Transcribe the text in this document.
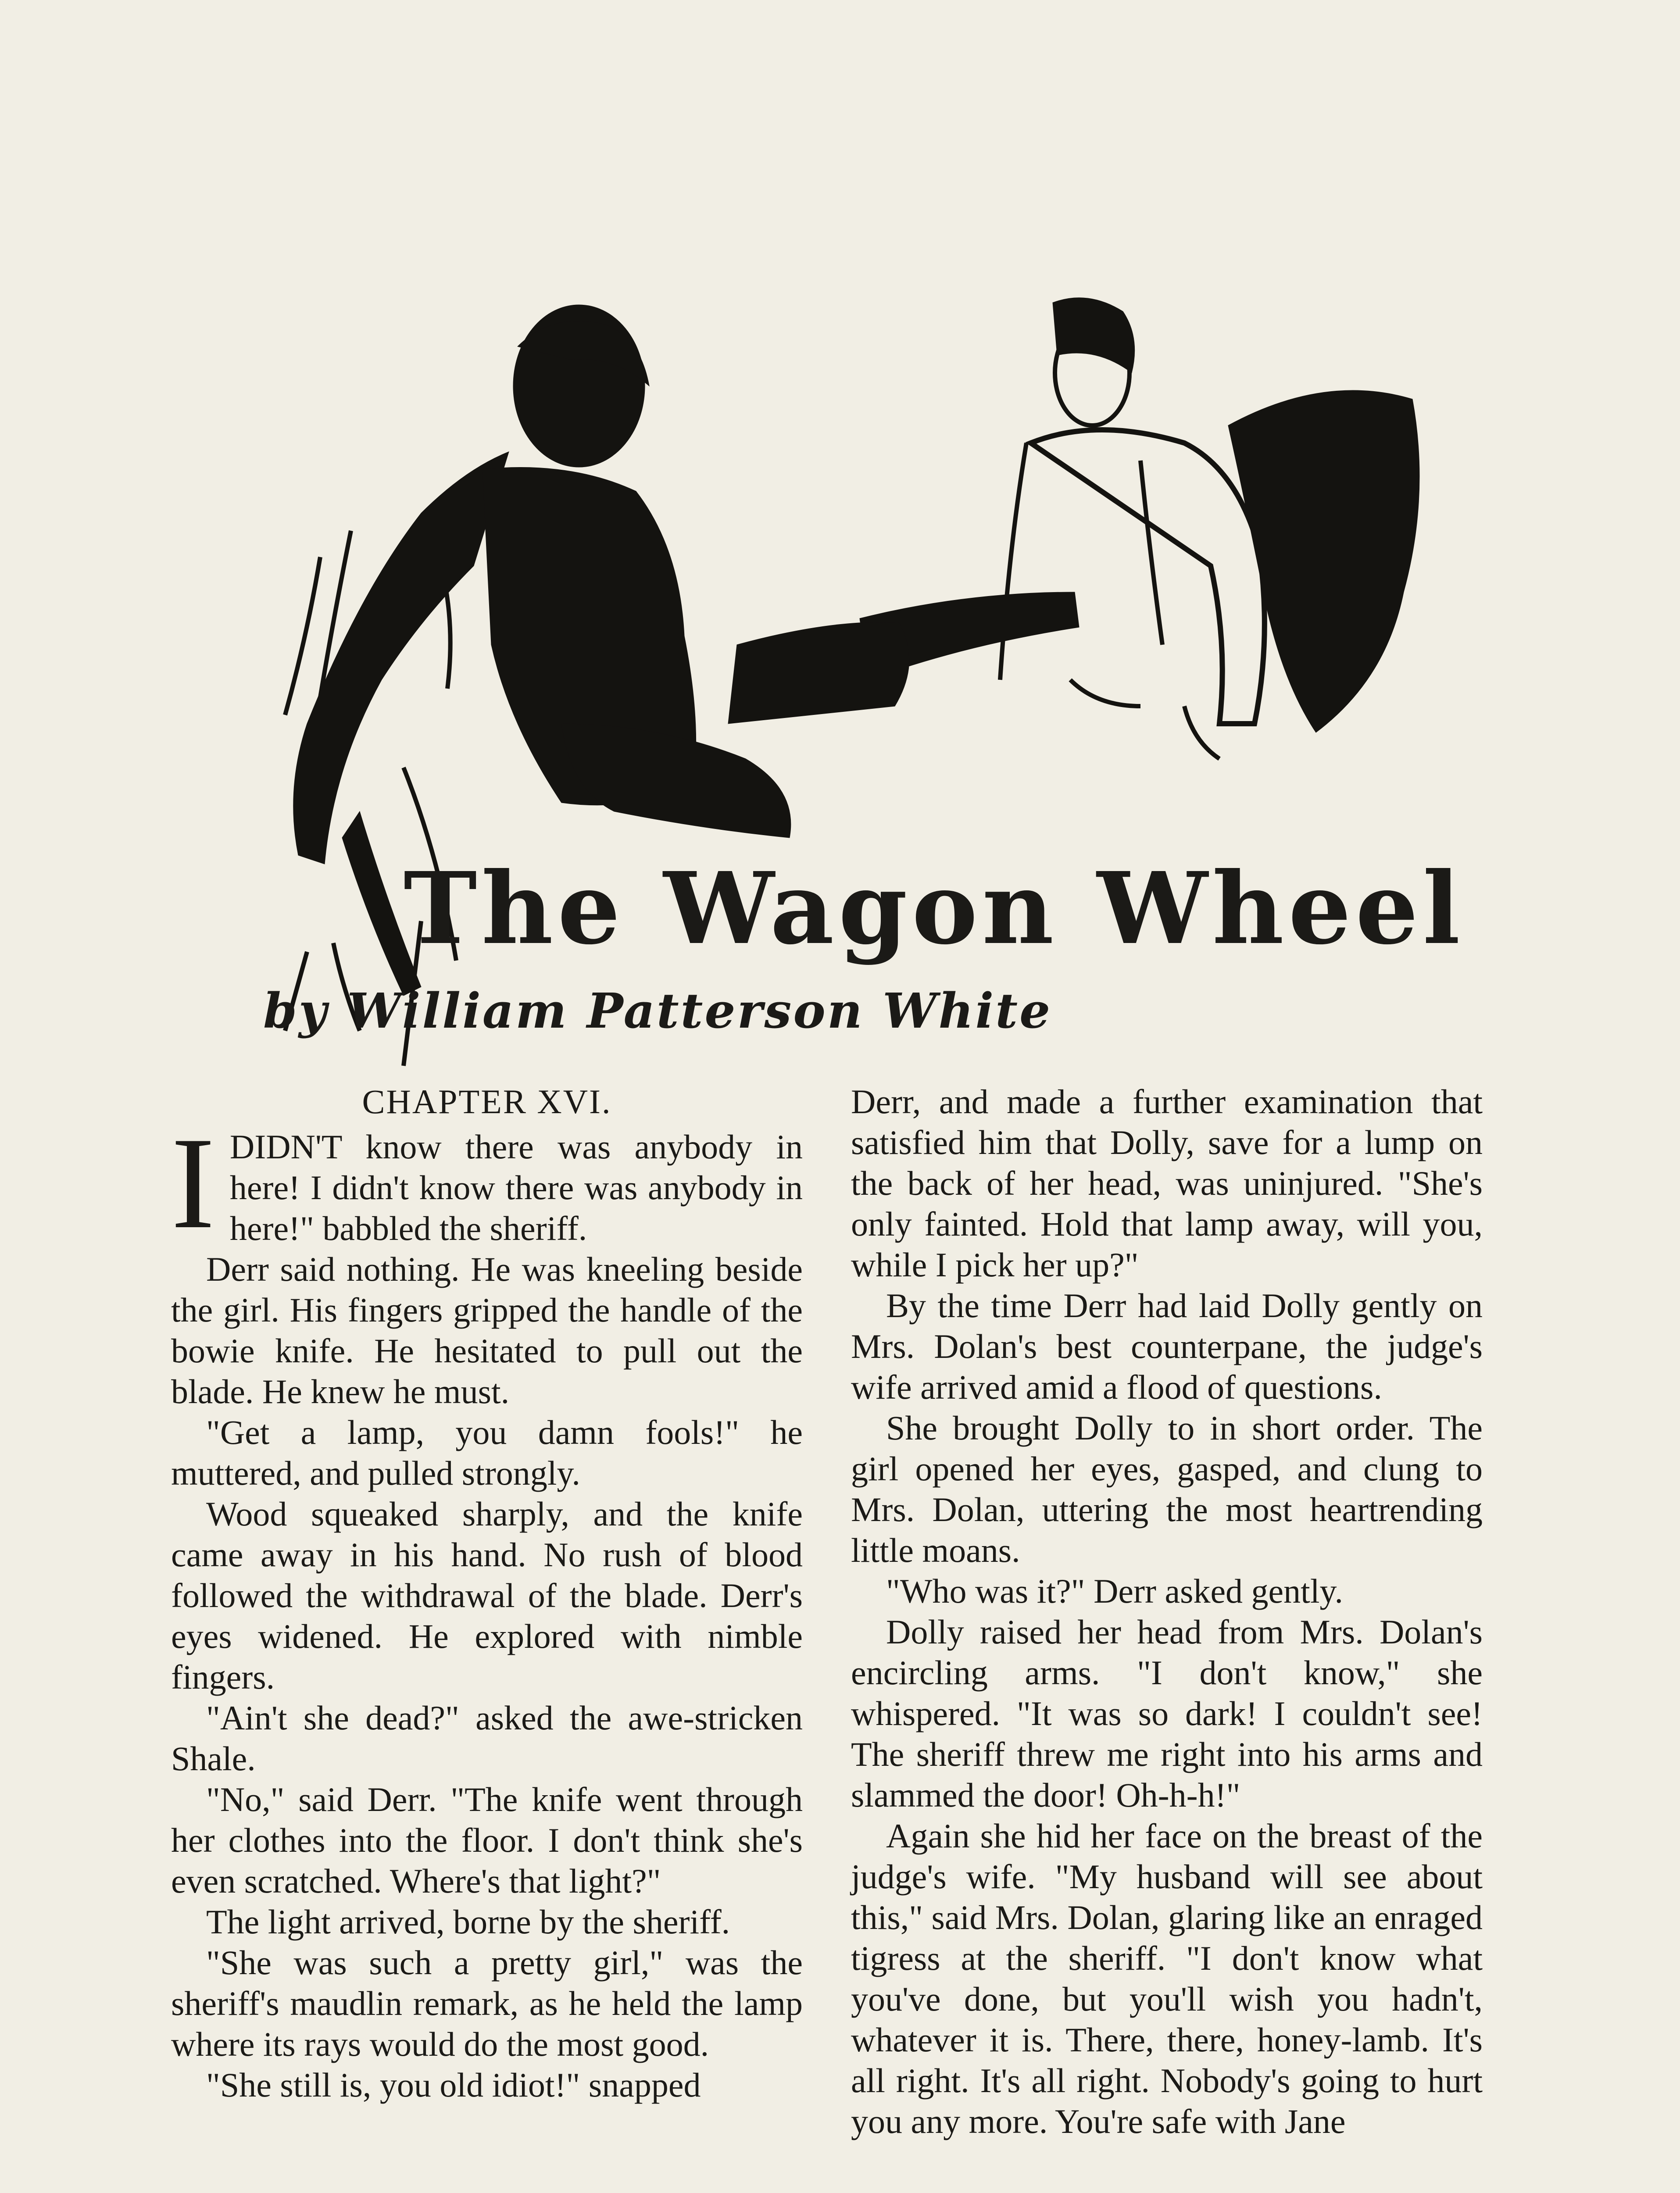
The Wagon Wheel
by William Patterson White
CHAPTER XVI.

IDIDN'T know there was anybody in here! I didn't know there was anybody in here!" babbled the sheriff.

Derr said nothing. He was kneeling beside the girl. His fingers gripped the handle of the bowie knife. He hesitated to pull out the blade. He knew he must.

"Get a lamp, you damn fools!" he muttered, and pulled strongly.

Wood squeaked sharply, and the knife came away in his hand. No rush of blood followed the withdrawal of the blade. Derr's eyes widened. He explored with nimble fingers.

"Ain't she dead?" asked the awe-stricken Shale.

"No," said Derr. "The knife went through her clothes into the floor. I don't think she's even scratched. Where's that light?"

The light arrived, borne by the sheriff.

"She was such a pretty girl," was the sheriff's maudlin remark, as he held the lamp where its rays would do the most good.

"She still is, you old idiot!" snapped

Derr, and made a further examination that satisfied him that Dolly, save for a lump on the back of her head, was uninjured. "She's only fainted. Hold that lamp away, will you, while I pick her up?"

By the time Derr had laid Dolly gently on Mrs. Dolan's best counterpane, the judge's wife arrived amid a flood of questions.

She brought Dolly to in short order. The girl opened her eyes, gasped, and clung to Mrs. Dolan, uttering the most heartrending little moans.

"Who was it?" Derr asked gently.

Dolly raised her head from Mrs. Dolan's encircling arms. "I don't know," she whispered. "It was so dark! I couldn't see! The sheriff threw me right into his arms and slammed the door! Oh-h-h!"

Again she hid her face on the breast of the judge's wife. "My husband will see about this," said Mrs. Dolan, glaring like an enraged tigress at the sheriff. "I don't know what you've done, but you'll wish you hadn't, whatever it is. There, there, honey-lamb. It's all right. It's all right. Nobody's going to hurt you any more. You're safe with Jane
